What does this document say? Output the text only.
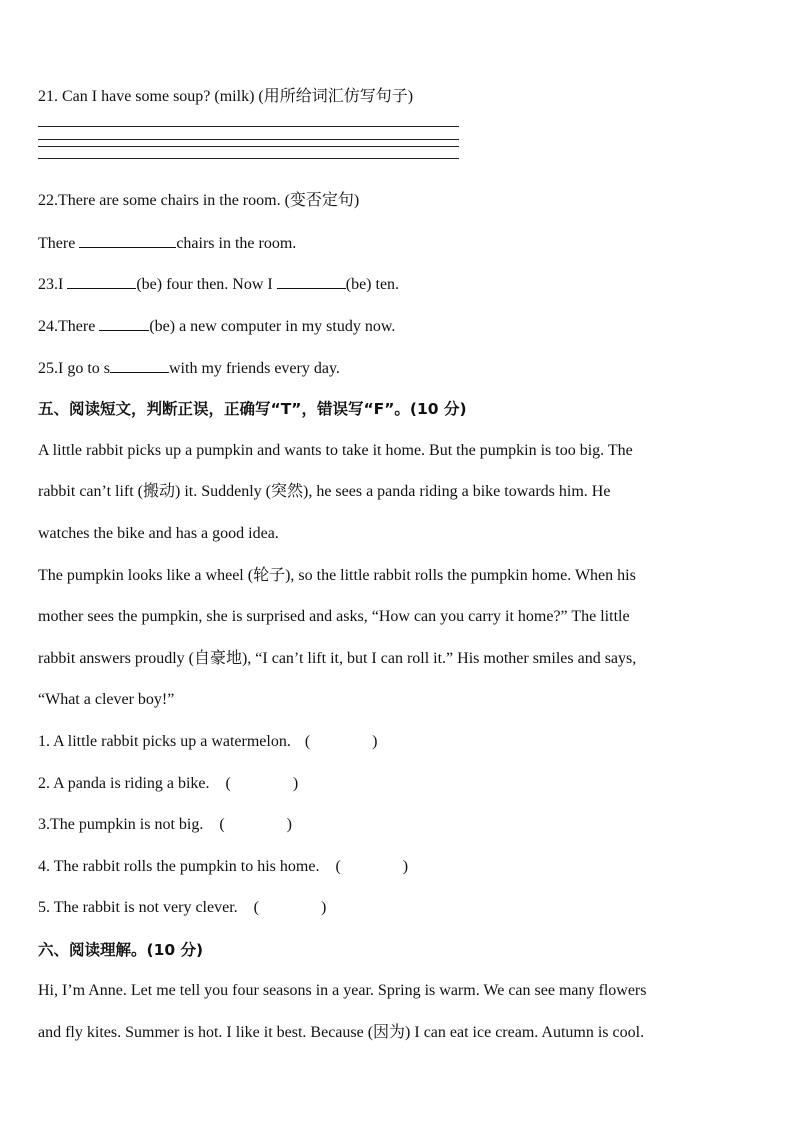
21. Can I have some soup? (milk) (用所给词汇仿写句子)
22.There are some chairs in the room. (变否定句)
There	chairs in the room.
23.I	(be) four then. Now I	(be) ten.
24.There	(be) a new computer in my study now.
25.I go to s	with my friends every day.
五、阅读短文，判断正误，正确写“T”，错误写“F”。(10 分)
A little rabbit picks up a pumpkin and wants to take it home. But the pumpkin is too big. The
rabbit can’t lift (搬动) it. Suddenly (突然), he sees a panda riding a bike towards him. He
watches the bike and has a good idea.
The pumpkin looks like a wheel (轮子), so the little rabbit rolls the pumpkin home. When his
mother sees the pumpkin, she is surprised and asks, “How can you carry it home?” The little
rabbit answers proudly (自豪地), “I can’t lift it, but I can roll it.” His mother smiles and says,
“What a clever boy!”
1. A little rabbit picks up a watermelon. (	)
2. A panda is riding a bike. (	)
3.The pumpkin is not big. (	)
4. The rabbit rolls the pumpkin to his home. (	)
5. The rabbit is not very clever. (	)
六、阅读理解。(10 分)
Hi, I’m Anne. Let me tell you four seasons in a year. Spring is warm. We can see many flowers
and fly kites. Summer is hot. I like it best. Because (因为) I can eat ice cream. Autumn is cool.
